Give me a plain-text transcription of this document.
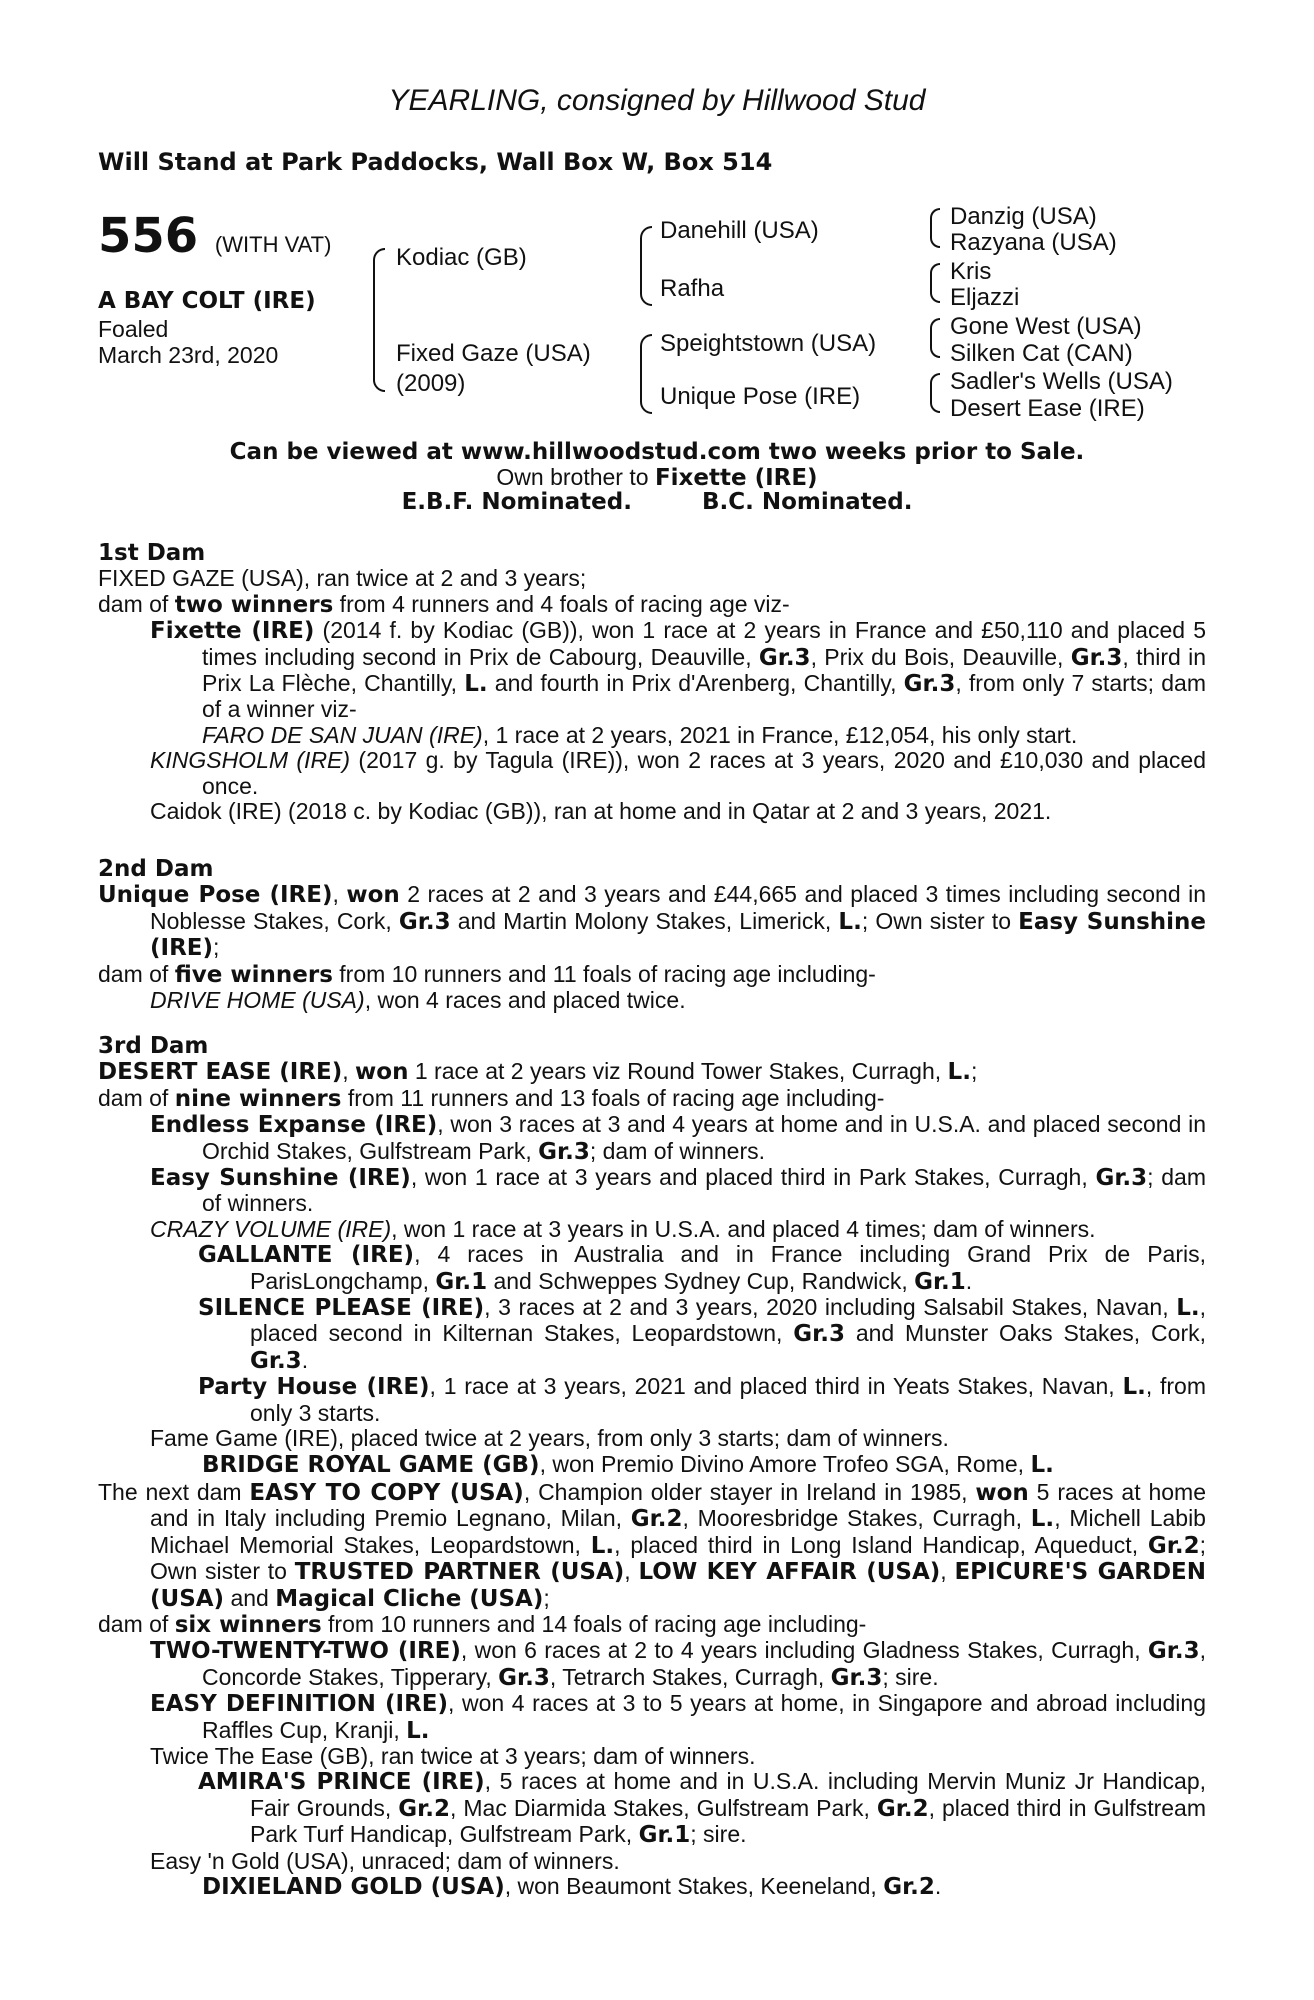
YEARLING, consigned by Hillwood Stud
Will Stand at Park Paddocks, Wall Box W, Box 514
556 (WITH VAT)
A BAY COLT (IRE)
Foaled
March 23rd, 2020
Kodiac (GB)
Fixed Gaze (USA)
(2009)
Danehill (USA)
Rafha
Speightstown (USA)
Unique Pose (IRE)
Danzig (USA)
Razyana (USA)
Kris
Eljazzi
Gone West (USA)
Silken Cat (CAN)
Sadler's Wells (USA)
Desert Ease (IRE)
Can be viewed at www.hillwoodstud.com two weeks prior to Sale.
Own brother to Fixette (IRE)
E.B.F. Nominated.	B.C. Nominated.

1st Dam

FIXED GAZE (USA), ran twice at 2 and 3 years;

dam of two winners from 4 runners and 4 foals of racing age viz-

Fixette (IRE) (2014 f. by Kodiac (GB)), won 1 race at 2 years in France and £50,110 and placed 5 times including second in Prix de Cabourg, Deauville, Gr.3, Prix du Bois, Deauville, Gr.3, third in Prix La Flèche, Chantilly, L. and fourth in Prix d'Arenberg, Chantilly, Gr.3, from only 7 starts; dam of a winner viz-

FARO DE SAN JUAN (IRE), 1 race at 2 years, 2021 in France, £12,054, his only start.

KINGSHOLM (IRE) (2017 g. by Tagula (IRE)), won 2 races at 3 years, 2020 and £10,030 and placed once.

Caidok (IRE) (2018 c. by Kodiac (GB)), ran at home and in Qatar at 2 and 3 years, 2021.

2nd Dam

Unique Pose (IRE), won 2 races at 2 and 3 years and £44,665 and placed 3 times including second in Noblesse Stakes, Cork, Gr.3 and Martin Molony Stakes, Limerick, L.; Own sister to Easy Sunshine (IRE);

dam of five winners from 10 runners and 11 foals of racing age including-

DRIVE HOME (USA), won 4 races and placed twice.

3rd Dam

DESERT EASE (IRE), won 1 race at 2 years viz Round Tower Stakes, Curragh, L.;

dam of nine winners from 11 runners and 13 foals of racing age including-

Endless Expanse (IRE), won 3 races at 3 and 4 years at home and in U.S.A. and placed second in Orchid Stakes, Gulfstream Park, Gr.3; dam of winners.

Easy Sunshine (IRE), won 1 race at 3 years and placed third in Park Stakes, Curragh, Gr.3; dam of winners.

CRAZY VOLUME (IRE), won 1 race at 3 years in U.S.A. and placed 4 times; dam of winners.

GALLANTE (IRE), 4 races in Australia and in France including Grand Prix de Paris, ParisLongchamp, Gr.1 and Schweppes Sydney Cup, Randwick, Gr.1.

SILENCE PLEASE (IRE), 3 races at 2 and 3 years, 2020 including Salsabil Stakes, Navan, L., placed second in Kilternan Stakes, Leopardstown, Gr.3 and Munster Oaks Stakes, Cork, Gr.3.

Party House (IRE), 1 race at 3 years, 2021 and placed third in Yeats Stakes, Navan, L., from only 3 starts.

Fame Game (IRE), placed twice at 2 years, from only 3 starts; dam of winners.

BRIDGE ROYAL GAME (GB), won Premio Divino Amore Trofeo SGA, Rome, L.

The next dam EASY TO COPY (USA), Champion older stayer in Ireland in 1985, won 5 races at home and in Italy including Premio Legnano, Milan, Gr.2, Mooresbridge Stakes, Curragh, L., Michell Labib Michael Memorial Stakes, Leopardstown, L., placed third in Long Island Handicap, Aqueduct, Gr.2; Own sister to TRUSTED PARTNER (USA), LOW KEY AFFAIR (USA), EPICURE'S GARDEN (USA) and Magical Cliche (USA);

dam of six winners from 10 runners and 14 foals of racing age including-

TWO-TWENTY-TWO (IRE), won 6 races at 2 to 4 years including Gladness Stakes, Curragh, Gr.3, Concorde Stakes, Tipperary, Gr.3, Tetrarch Stakes, Curragh, Gr.3; sire.

EASY DEFINITION (IRE), won 4 races at 3 to 5 years at home, in Singapore and abroad including Raffles Cup, Kranji, L.

Twice The Ease (GB), ran twice at 3 years; dam of winners.

AMIRA'S PRINCE (IRE), 5 races at home and in U.S.A. including Mervin Muniz Jr Handicap, Fair Grounds, Gr.2, Mac Diarmida Stakes, Gulfstream Park, Gr.2, placed third in Gulfstream Park Turf Handicap, Gulfstream Park, Gr.1; sire.

Easy 'n Gold (USA), unraced; dam of winners.

DIXIELAND GOLD (USA), won Beaumont Stakes, Keeneland, Gr.2.
